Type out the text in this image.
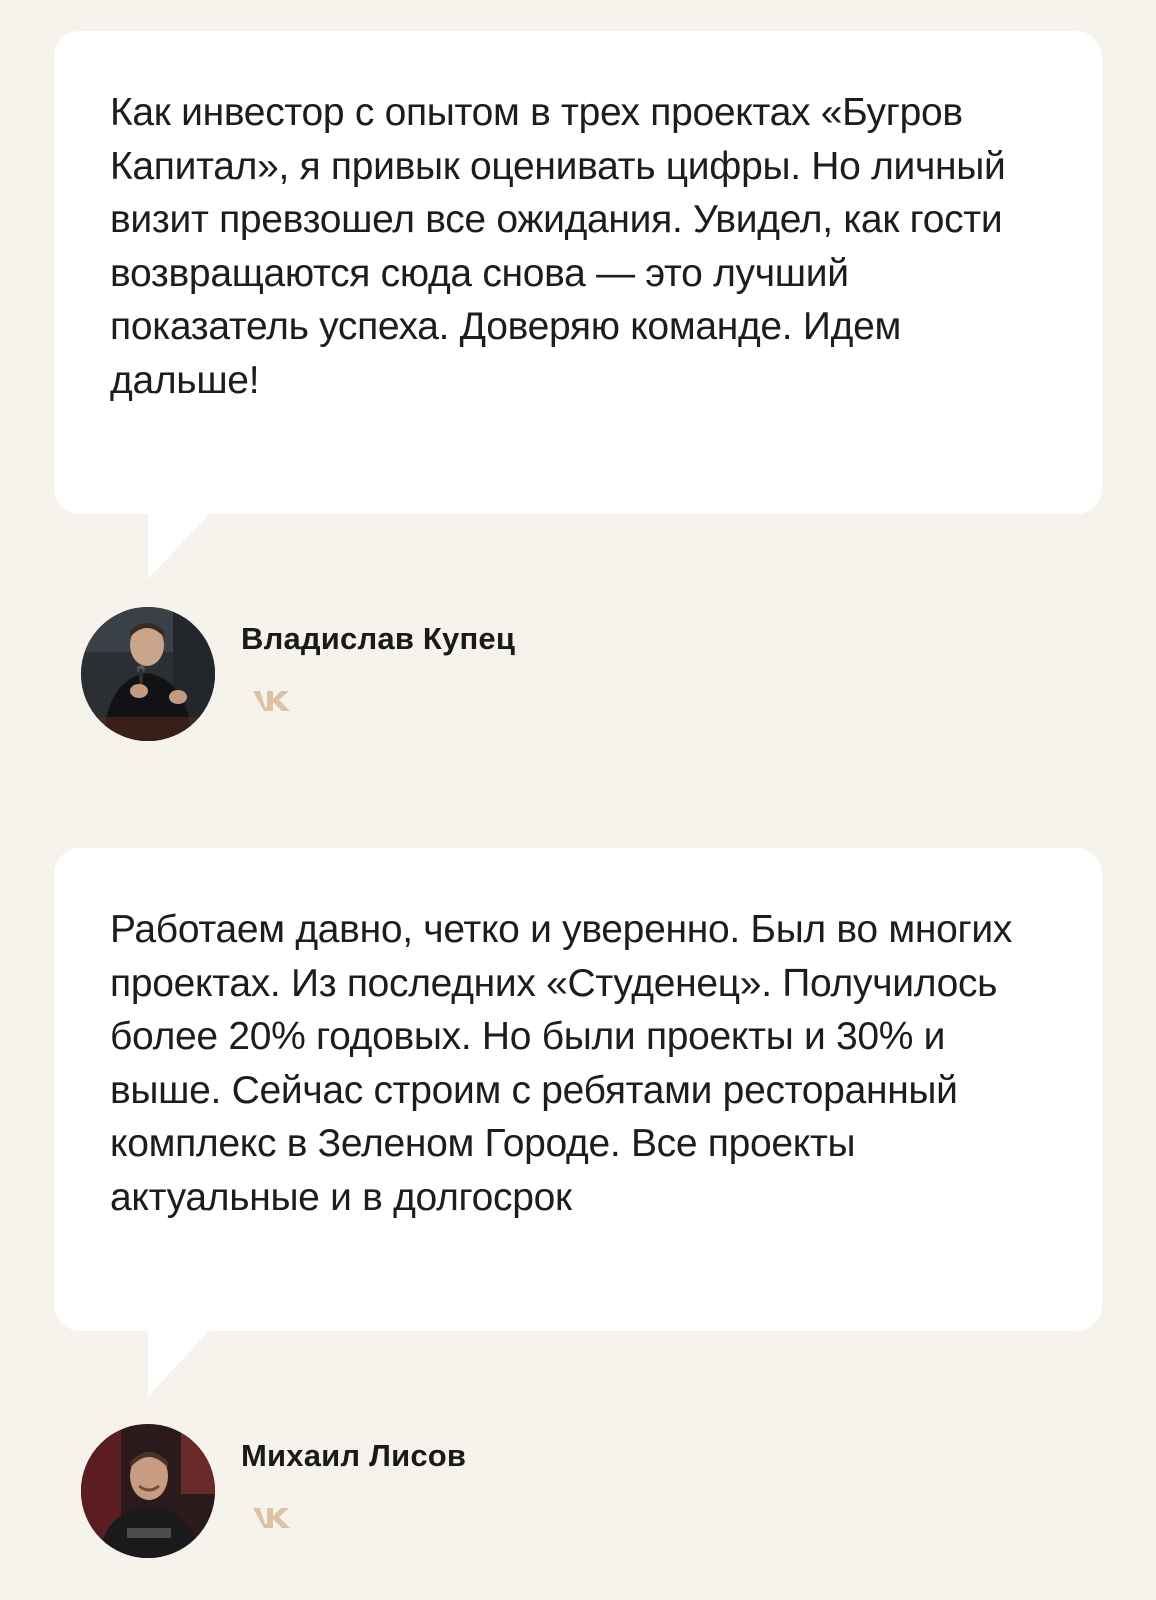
Как инвестор с опытом в трех проектах «Бугров Капитал», я привык оценивать цифры. Но личный визит превзошел все ожидания. Увидел, как гости возвращаются сюда снова — это лучший показатель успеха. Доверяю команде. Идем дальше!

Владислав Купец

Работаем давно, четко и уверенно. Был во многих проектах. Из последних «Студенец». Получилось более 20% годовых. Но были проекты и 30% и выше. Сейчас строим с ребятами ресторанный комплекс в Зеленом Городе. Все проекты актуальные и в долгосрок

Михаил Лисов
